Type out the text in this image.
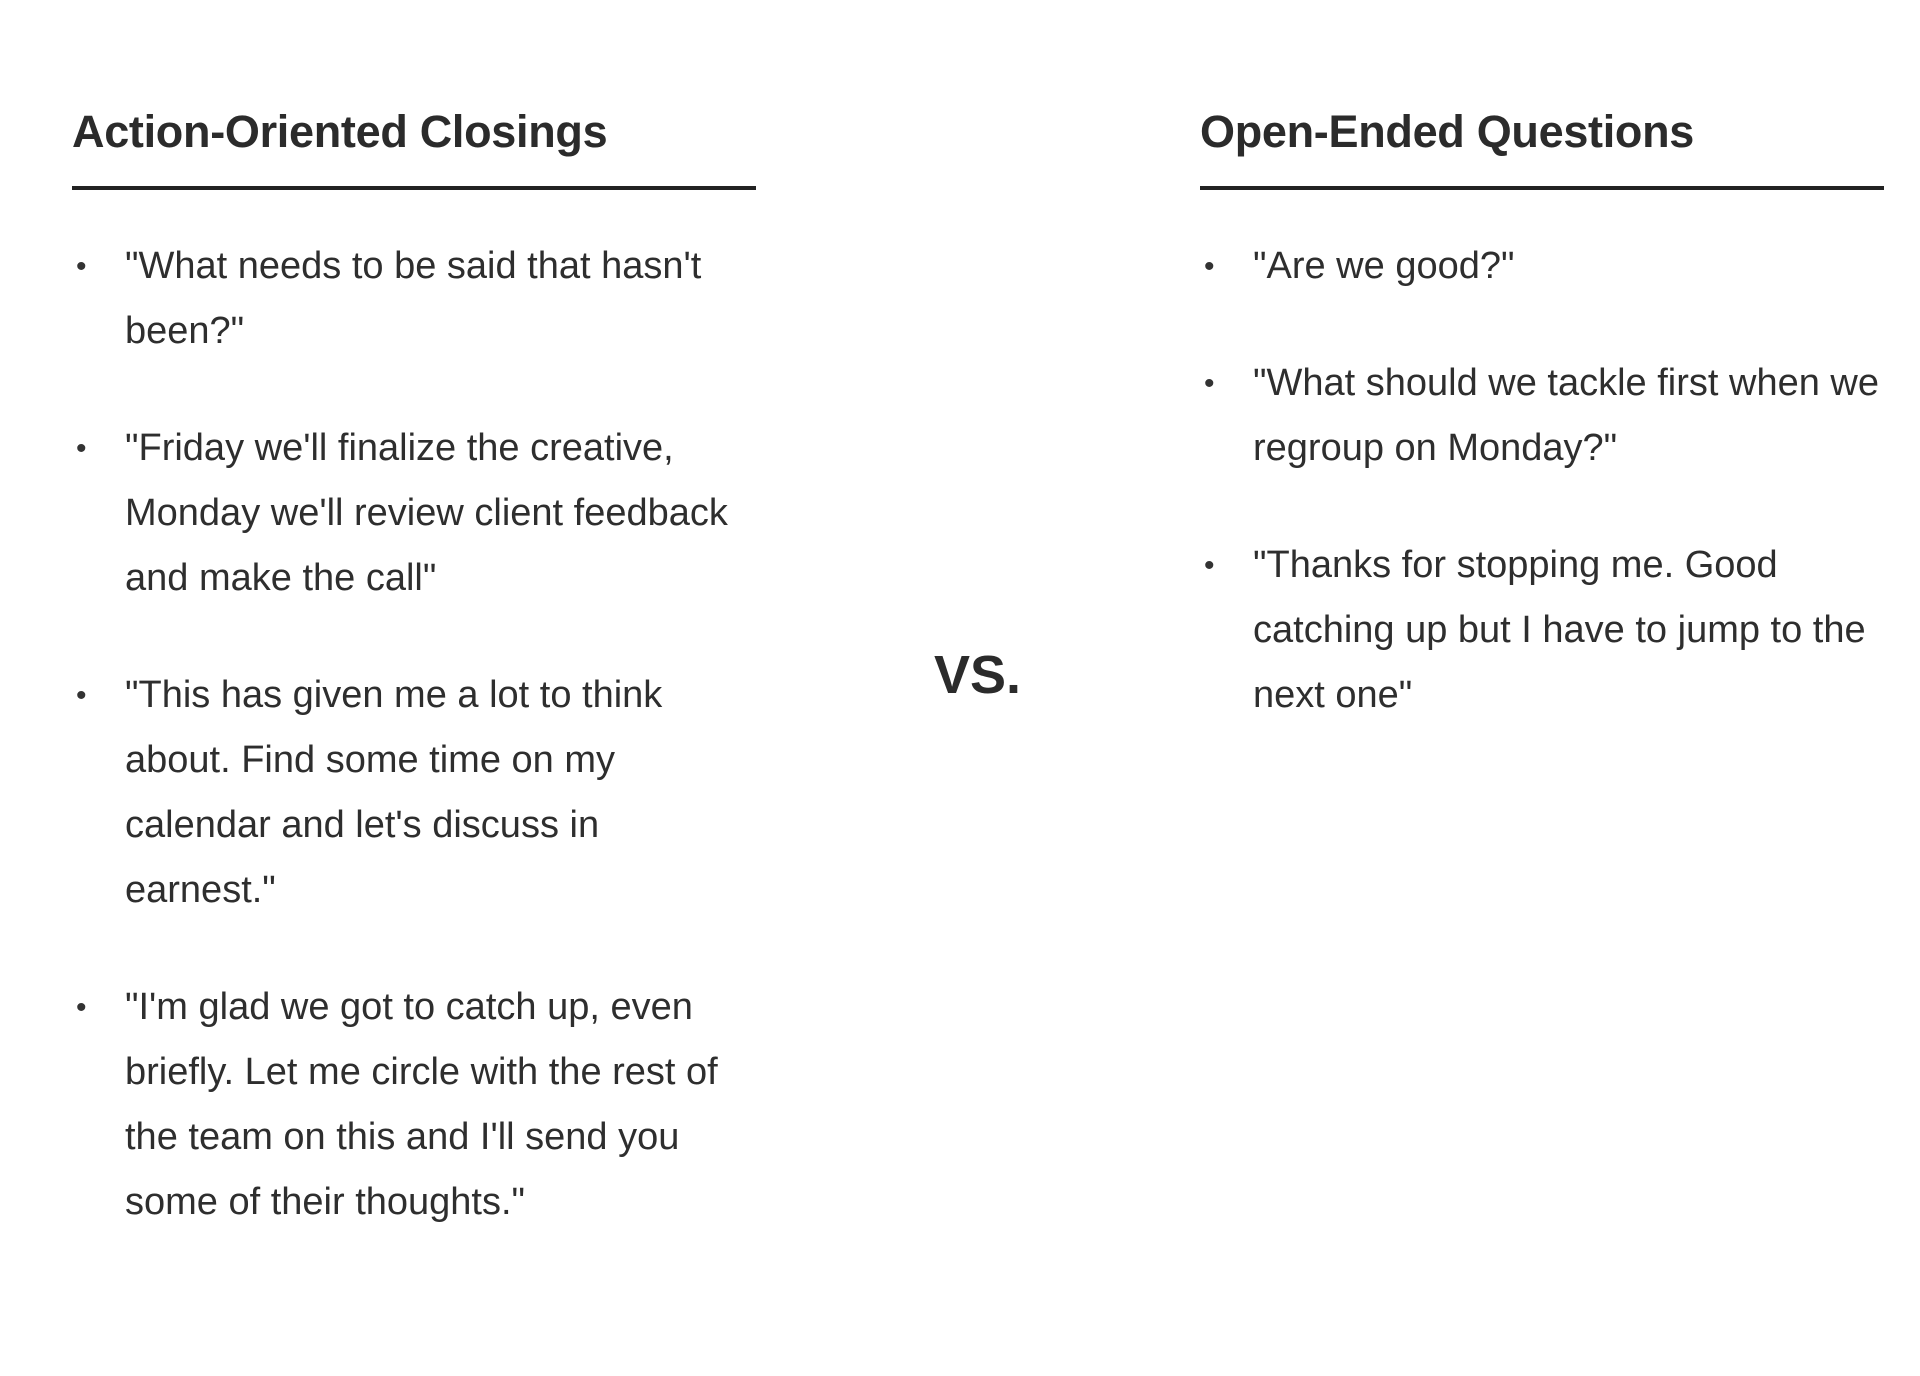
Action-Oriented Closings
• "What needs to be said that hasn't been?"
• "Friday we'll finalize the creative, Monday we'll review client feedback and make the call"
• "This has given me a lot to think about. Find some time on my calendar and let's discuss in earnest."
• "I'm glad we got to catch up, even briefly. Let me circle with the rest of the team on this and I'll send you some of their thoughts."
VS.
Open-Ended Questions
• "Are we good?"
• "What should we tackle first when we regroup on Monday?"
• "Thanks for stopping me. Good catching up but I have to jump to the next one"
